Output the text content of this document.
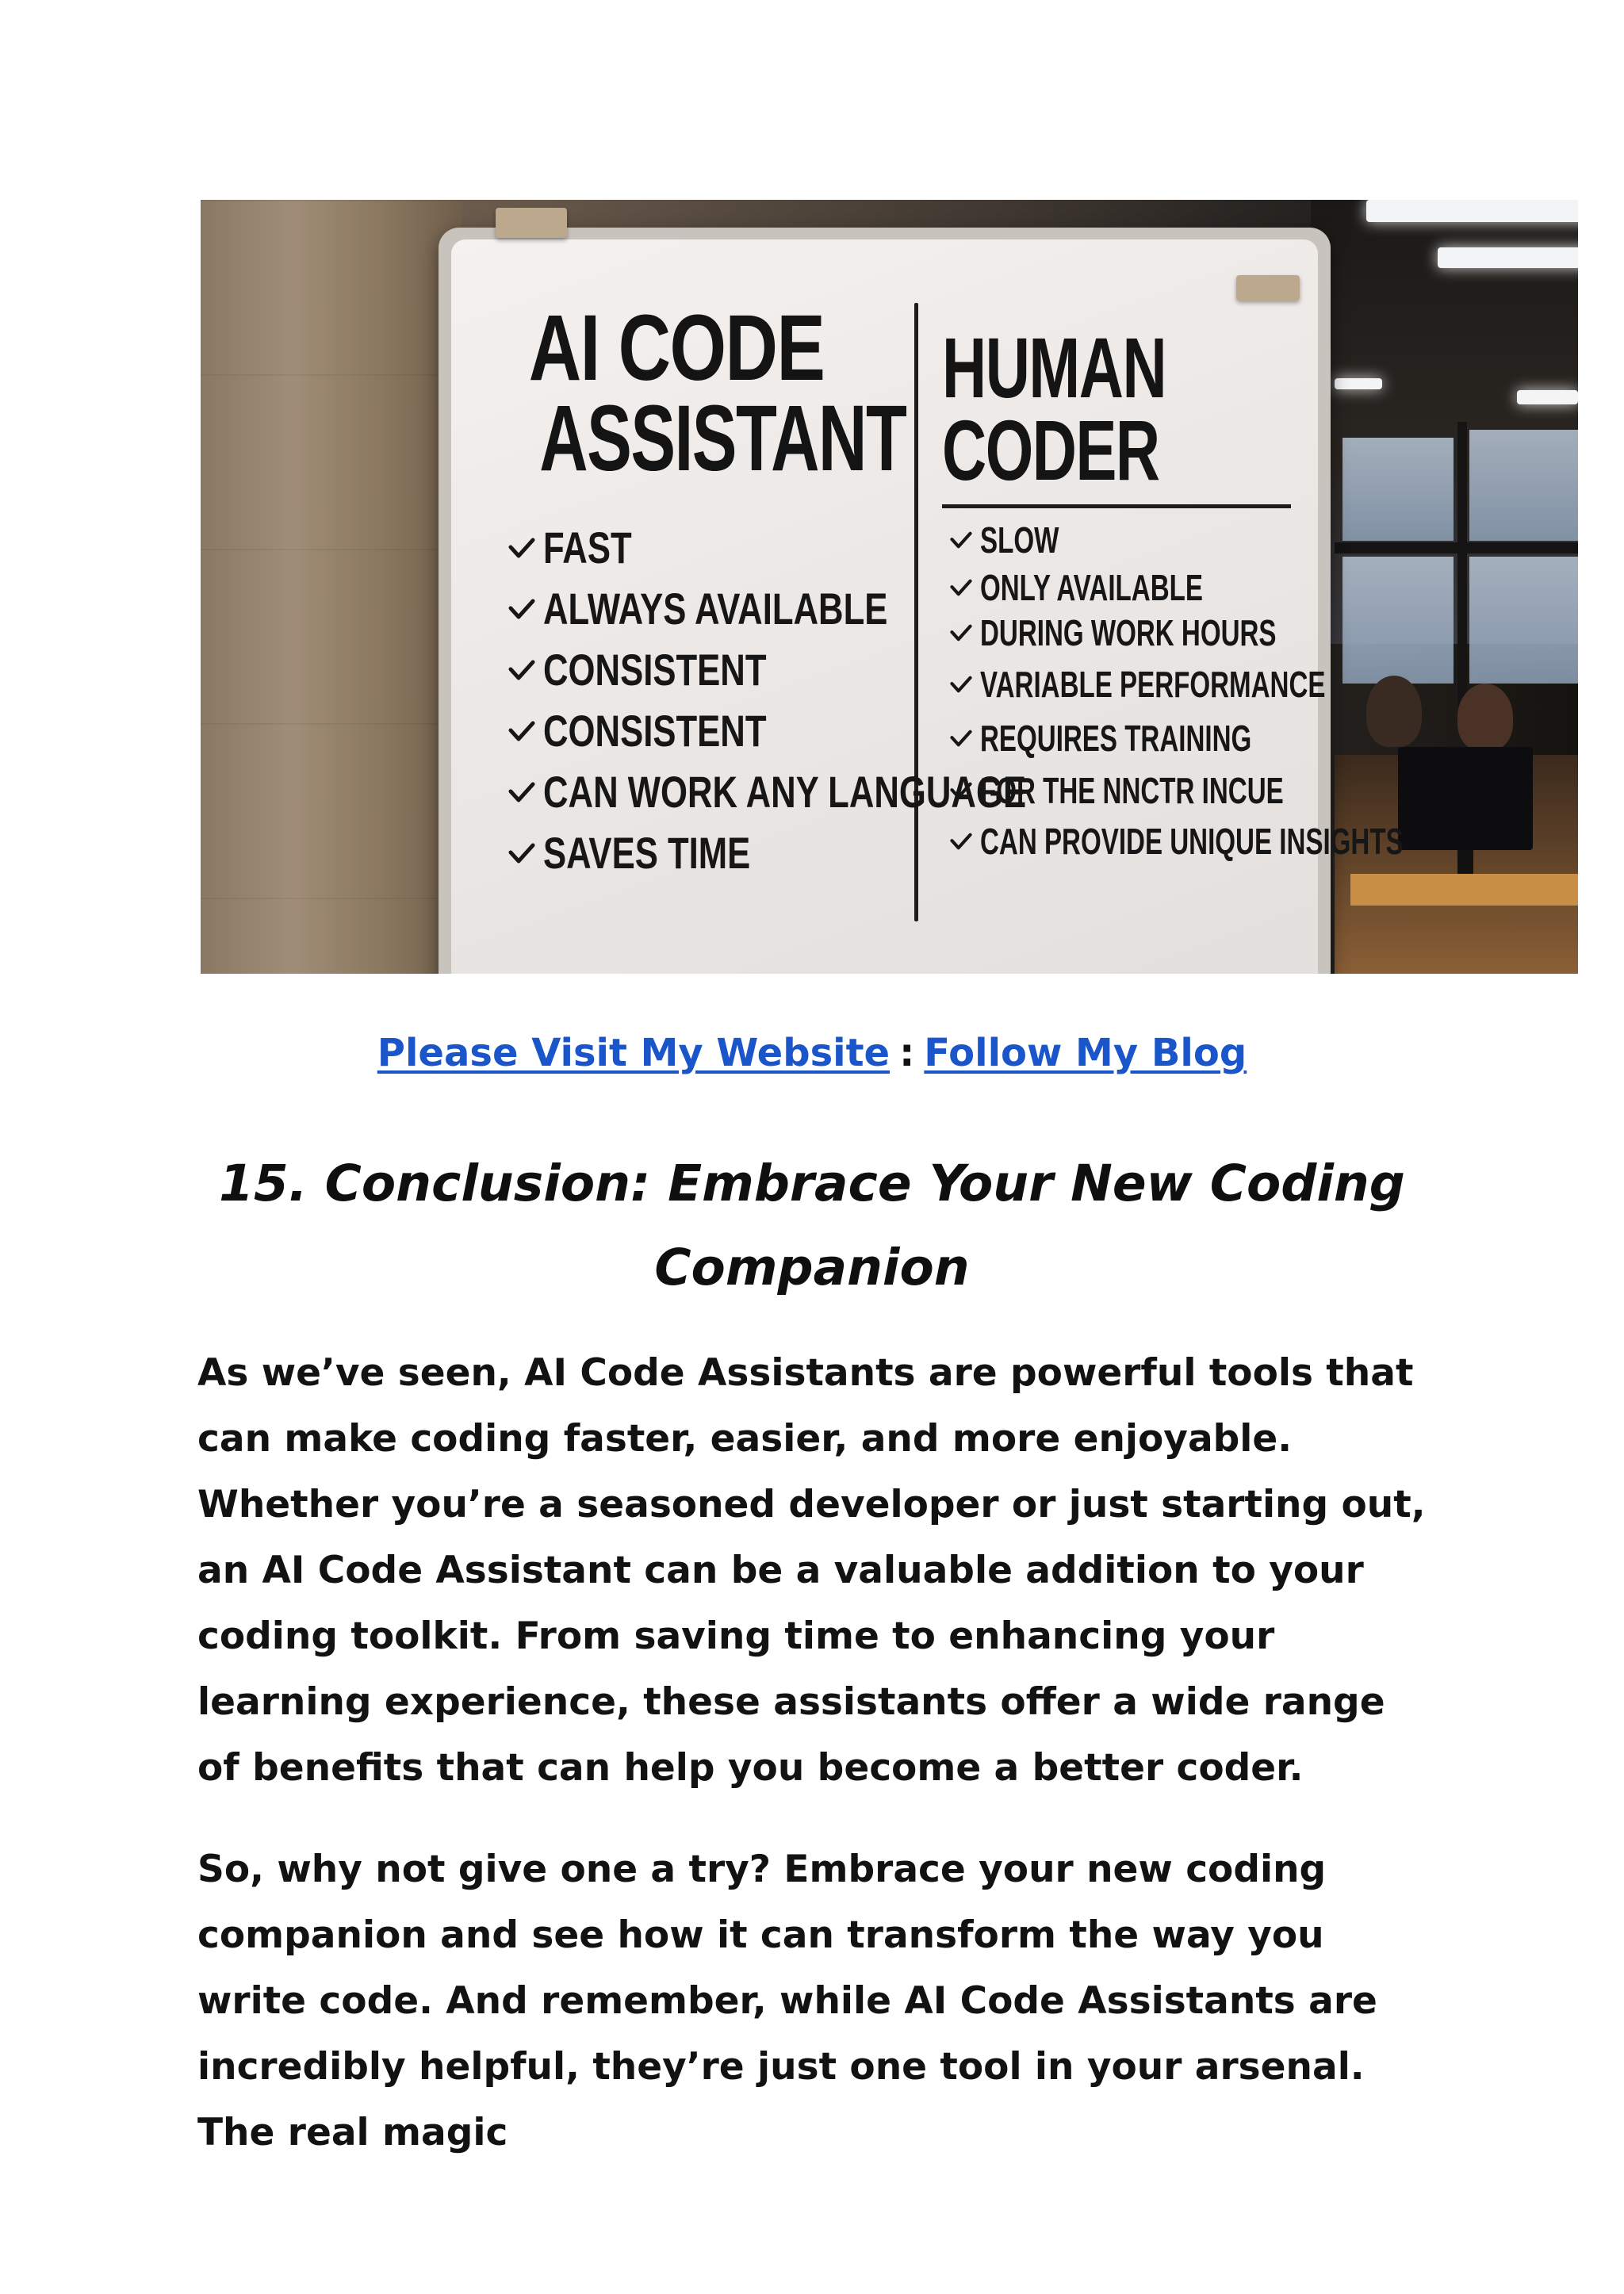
AI CODE
ASSISTANT
HUMAN
CODER
FAST
ALWAYS AVAILABLE
CONSISTENT
CONSISTENT
CAN WORK ANY LANGUAGE
SAVES TIME
SLOW
ONLY AVAILABLE
DURING WORK HOURS
VARIABLE PERFORMANCE
REQUIRES TRAINING
FOR THE NNCTR INCUE
CAN PROVIDE UNIQUE INSIGHTS
Please Visit My Website : Follow My Blog
15. Conclusion: Embrace Your New Coding Companion

As we’ve seen, AI Code Assistants are powerful tools that can make coding faster, easier, and more enjoyable. Whether you’re a seasoned developer or just starting out, an AI Code Assistant can be a valuable addition to your coding toolkit. From saving time to enhancing your learning experience, these assistants offer a wide range of benefits that can help you become a better coder.

So, why not give one a try? Embrace your new coding companion and see how it can transform the way you write code. And remember, while AI Code Assistants are incredibly helpful, they’re just one tool in your arsenal. The real magic
